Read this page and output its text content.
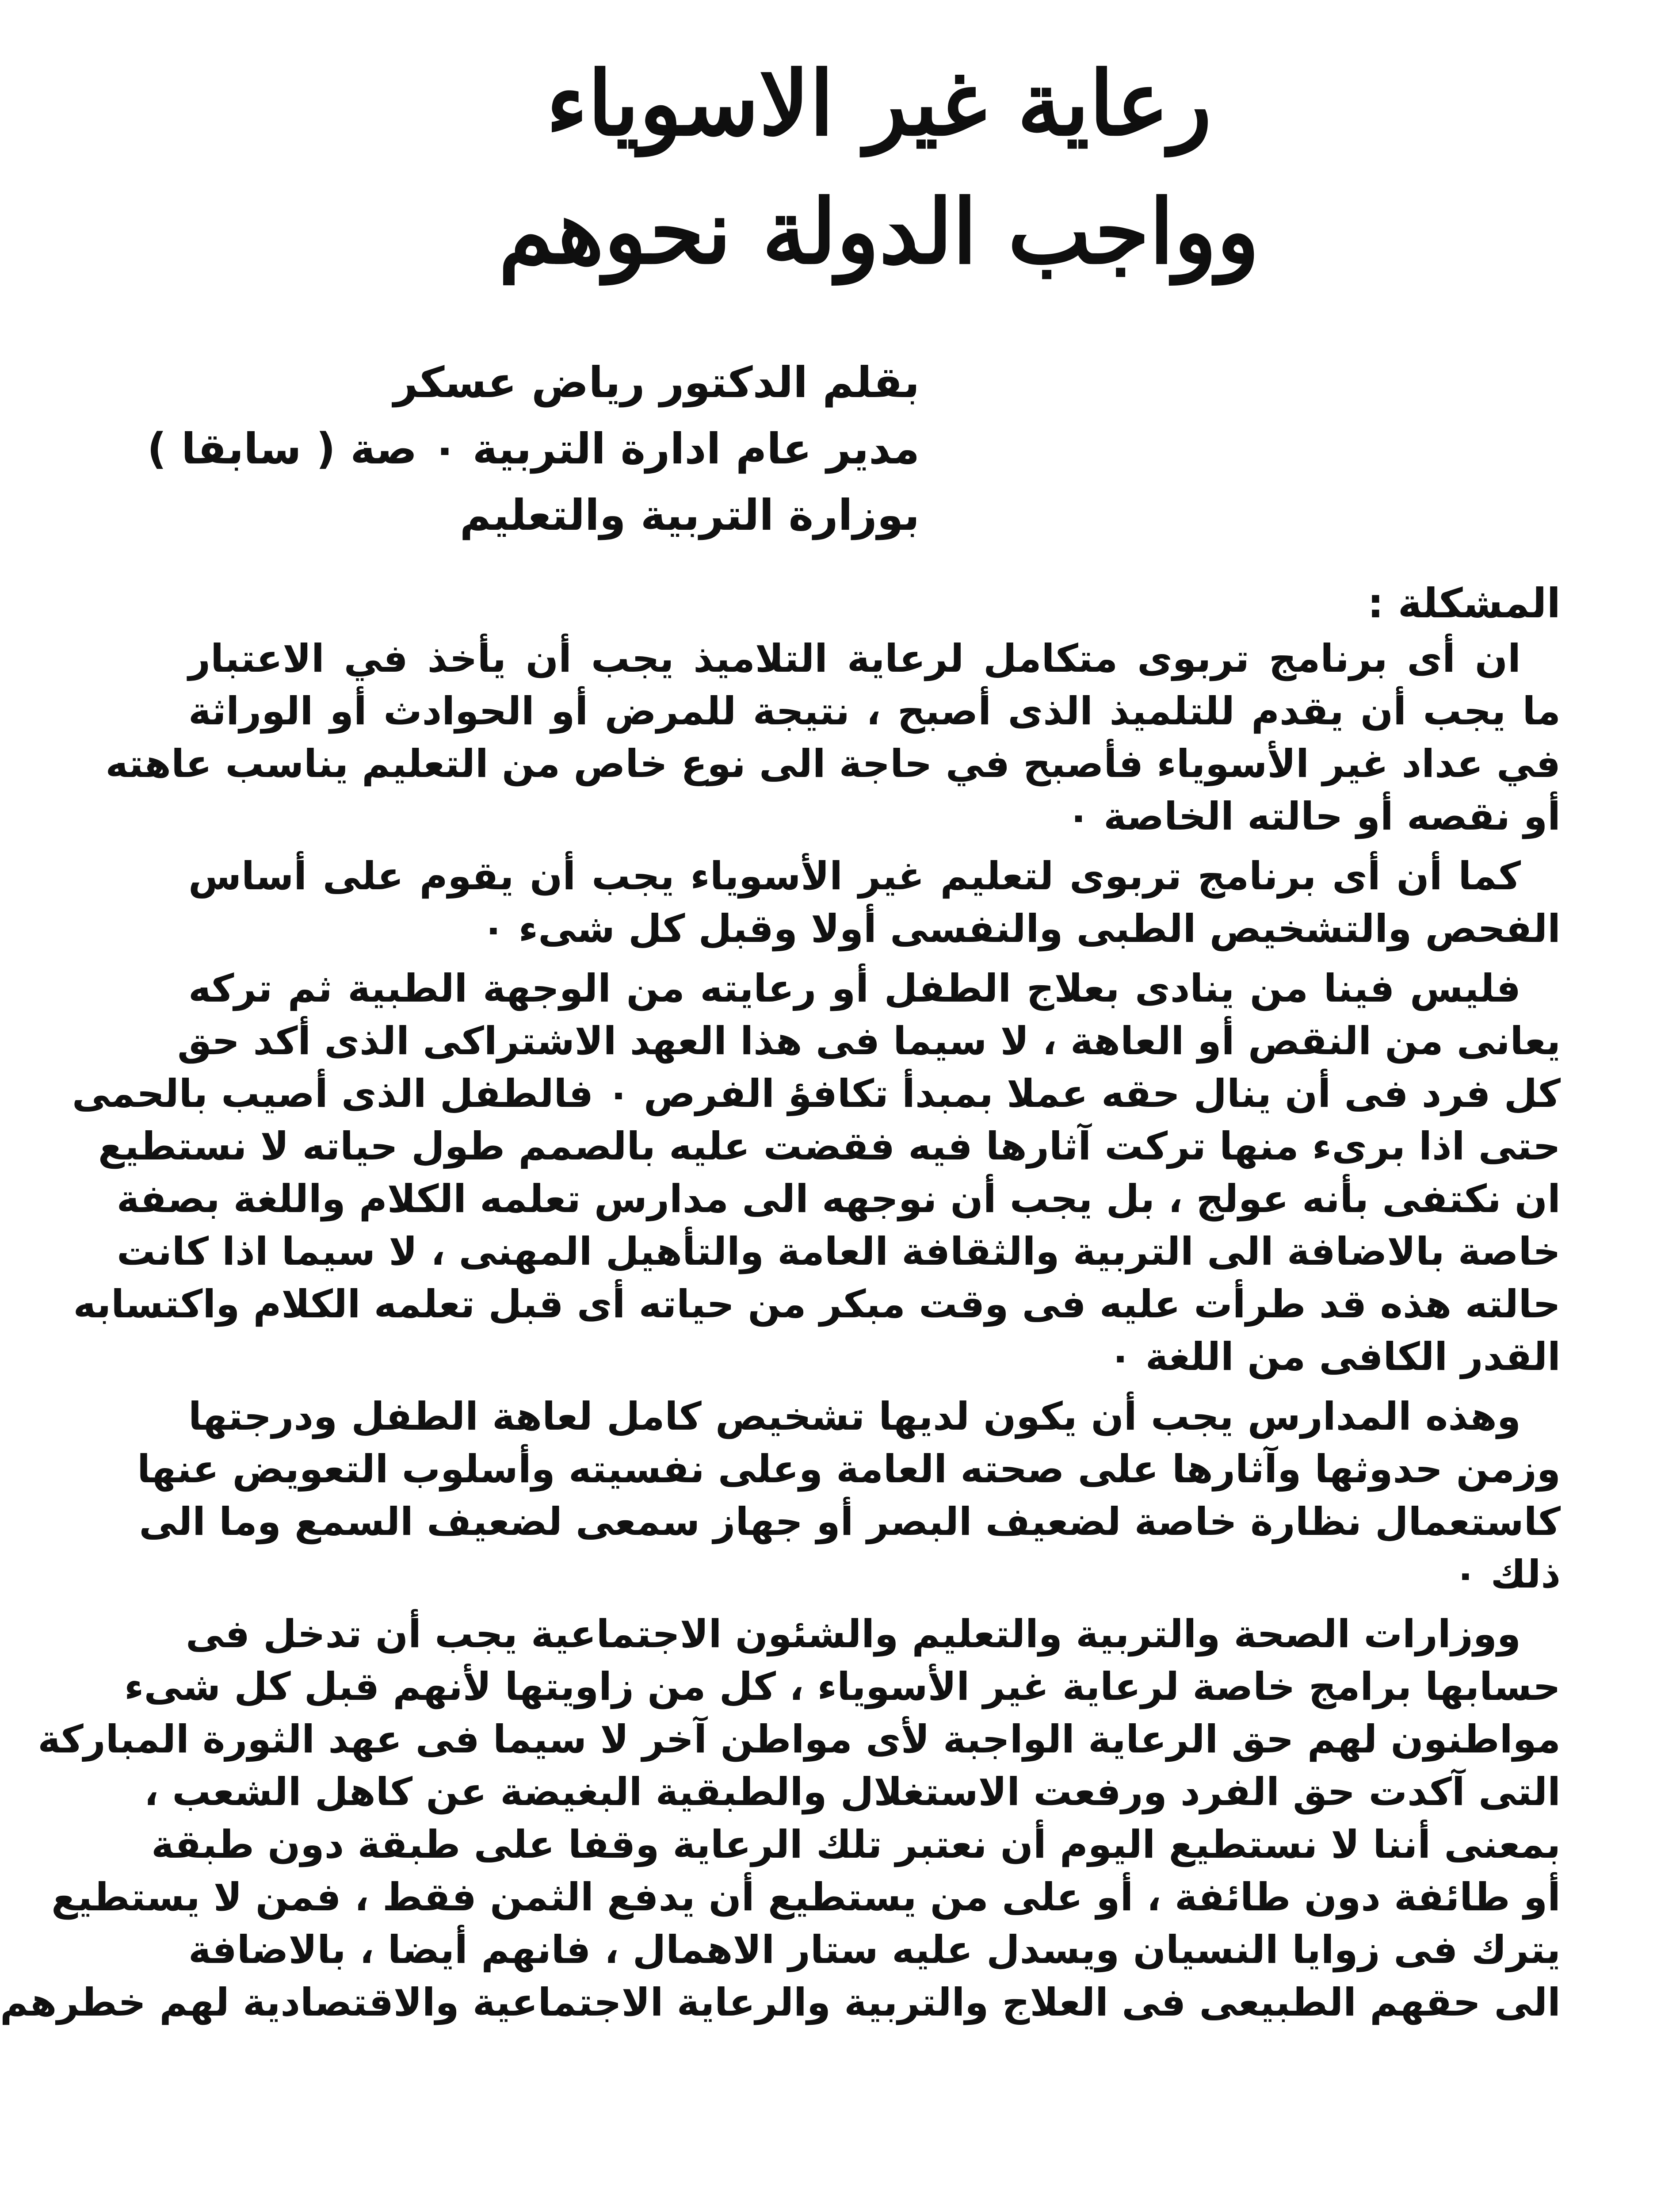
رعاية غير الاسوياء
وواجب الدولة نحوهم
بقلم الدكتور رياض عسكر
مدير عام ادارة التربية ٠ صة ( سابقا )
بوزارة التربية والتعليم
المشكلة :
ان أى برنامج تربوى متكامل لرعاية التلاميذ يجب أن يأخذ في الاعتبار
ما يجب أن يقدم للتلميذ الذى أصبح ، نتيجة للمرض أو الحوادث أو الوراثة
في عداد غير الأسوياء فأصبح في حاجة الى نوع خاص من التعليم يناسب عاهته
أو نقصه أو حالته الخاصة ٠
كما أن أى برنامج تربوى لتعليم غير الأسوياء يجب أن يقوم على أساس
الفحص والتشخيص الطبى والنفسى أولا وقبل كل شىء ٠
فليس فينا من ينادى بعلاج الطفل أو رعايته من الوجهة الطبية ثم تركه
يعانى من النقص أو العاهة ، لا سيما فى هذا العهد الاشتراكى الذى أكد حق
كل فرد فى أن ينال حقه عملا بمبدأ تكافؤ الفرص ٠ فالطفل الذى أصيب بالحمى
حتى اذا برىء منها تركت آثارها فيه فقضت عليه بالصمم طول حياته لا نستطيع
ان نكتفى بأنه عولج ، بل يجب أن نوجهه الى مدارس تعلمه الكلام واللغة بصفة
خاصة بالاضافة الى التربية والثقافة العامة والتأهيل المهنى ، لا سيما اذا كانت
حالته هذه قد طرأت عليه فى وقت مبكر من حياته أى قبل تعلمه الكلام واكتسابه
القدر الكافى من اللغة ٠
وهذه المدارس يجب أن يكون لديها تشخيص كامل لعاهة الطفل ودرجتها
وزمن حدوثها وآثارها على صحته العامة وعلى نفسيته وأسلوب التعويض عنها
كاستعمال نظارة خاصة لضعيف البصر أو جهاز سمعى لضعيف السمع وما الى
ذلك ٠
ووزارات الصحة والتربية والتعليم والشئون الاجتماعية يجب أن تدخل فى
حسابها برامج خاصة لرعاية غير الأسوياء ، كل من زاويتها لأنهم قبل كل شىء
مواطنون لهم حق الرعاية الواجبة لأى مواطن آخر لا سيما فى عهد الثورة المباركة
التى آكدت حق الفرد ورفعت الاستغلال والطبقية البغيضة عن كاهل الشعب ،
بمعنى أننا لا نستطيع اليوم أن نعتبر تلك الرعاية وقفا على طبقة دون طبقة
أو طائفة دون طائفة ، أو على من يستطيع أن يدفع الثمن فقط ، فمن لا يستطيع
يترك فى زوايا النسيان ويسدل عليه ستار الاهمال ، فانهم أيضا ، بالاضافة
الى حقهم الطبيعى فى العلاج والتربية والرعاية الاجتماعية والاقتصادية لهم خطرهم
